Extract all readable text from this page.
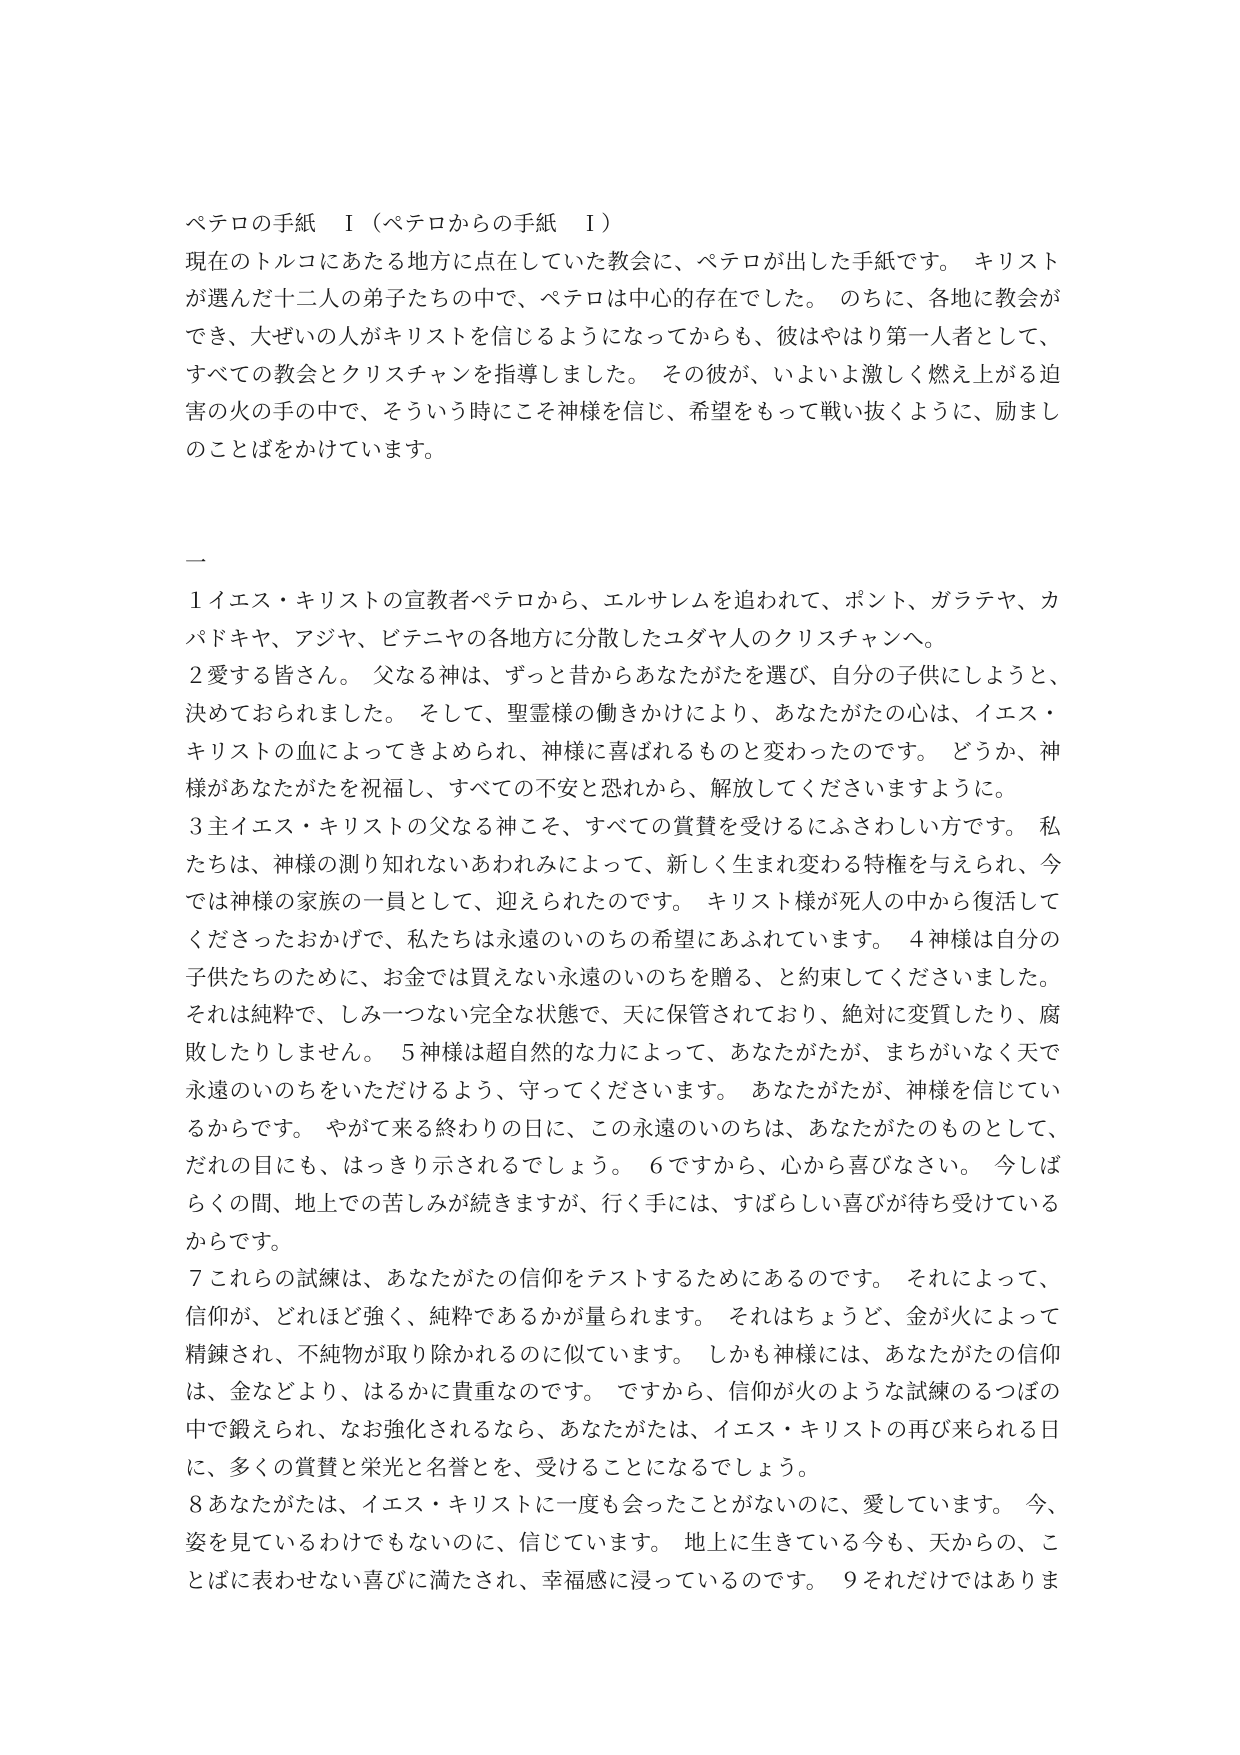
ペテロの手紙　Ｉ（ペテロからの手紙　Ｉ）
現在のトルコにあたる地方に点在していた教会に、ペテロが出した手紙です。　キリスト
が選んだ十二人の弟子たちの中で、ペテロは中心的存在でした。　のちに、各地に教会が
でき、大ぜいの人がキリストを信じるようになってからも、彼はやはり第一人者として、
すべての教会とクリスチャンを指導しました。　その彼が、いよいよ激しく燃え上がる迫
害の火の手の中で、そういう時にこそ神様を信じ、希望をもって戦い抜くように、励まし
のことばをかけています。
一
１イエス・キリストの宣教者ペテロから、エルサレムを追われて、ポント、ガラテヤ、カ
パドキヤ、アジヤ、ビテニヤの各地方に分散したユダヤ人のクリスチャンへ。
２愛する皆さん。　父なる神は、ずっと昔からあなたがたを選び、自分の子供にしようと、
決めておられました。　そして、聖霊様の働きかけにより、あなたがたの心は、イエス・
キリストの血によってきよめられ、神様に喜ばれるものと変わったのです。　どうか、神
様があなたがたを祝福し、すべての不安と恐れから、解放してくださいますように。
３主イエス・キリストの父なる神こそ、すべての賞賛を受けるにふさわしい方です。　私
たちは、神様の測り知れないあわれみによって、新しく生まれ変わる特権を与えられ、今
では神様の家族の一員として、迎えられたのです。　キリスト様が死人の中から復活して
くださったおかげで、私たちは永遠のいのちの希望にあふれています。　４神様は自分の
子供たちのために、お金では買えない永遠のいのちを贈る、と約束してくださいました。
それは純粋で、しみ一つない完全な状態で、天に保管されており、絶対に変質したり、腐
敗したりしません。　５神様は超自然的な力によって、あなたがたが、まちがいなく天で
永遠のいのちをいただけるよう、守ってくださいます。　あなたがたが、神様を信じてい
るからです。　やがて来る終わりの日に、この永遠のいのちは、あなたがたのものとして、
だれの目にも、はっきり示されるでしょう。　６ですから、心から喜びなさい。　今しば
らくの間、地上での苦しみが続きますが、行く手には、すばらしい喜びが待ち受けている
からです。
７これらの試練は、あなたがたの信仰をテストするためにあるのです。　それによって、
信仰が、どれほど強く、純粋であるかが量られます。　それはちょうど、金が火によって
精錬され、不純物が取り除かれるのに似ています。　しかも神様には、あなたがたの信仰
は、金などより、はるかに貴重なのです。　ですから、信仰が火のような試練のるつぼの
中で鍛えられ、なお強化されるなら、あなたがたは、イエス・キリストの再び来られる日
に、多くの賞賛と栄光と名誉とを、受けることになるでしょう。
８あなたがたは、イエス・キリストに一度も会ったことがないのに、愛しています。　今、
姿を見ているわけでもないのに、信じています。　地上に生きている今も、天からの、こ
とばに表わせない喜びに満たされ、幸福感に浸っているのです。　９それだけではありま
